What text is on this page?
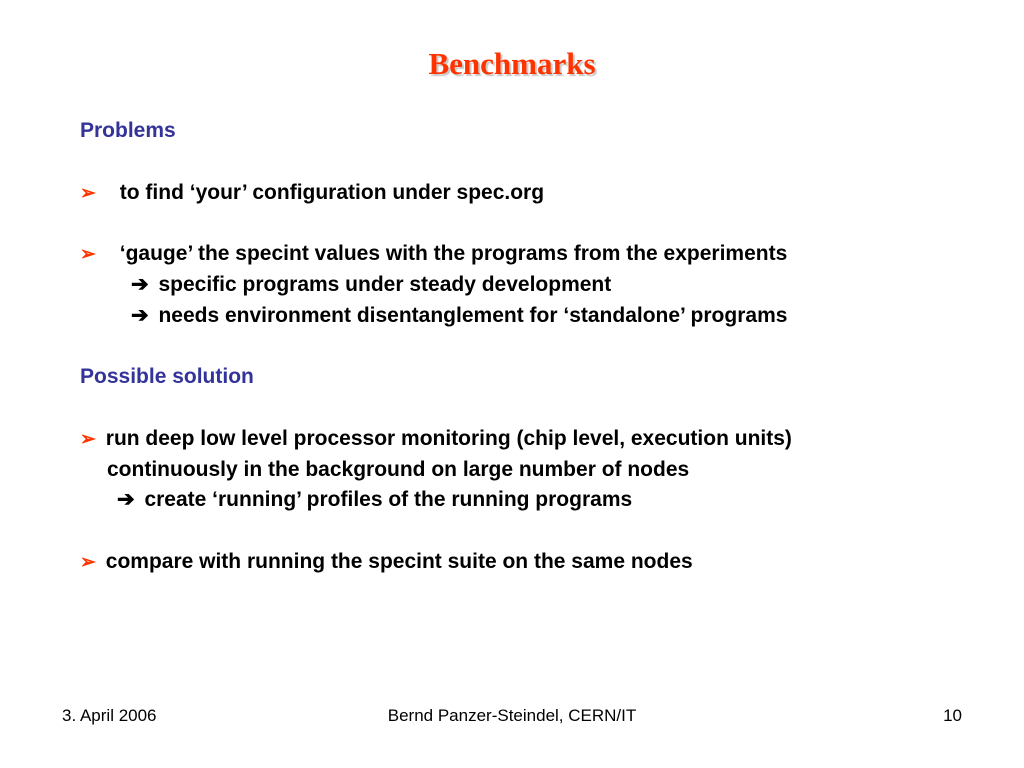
Benchmarks
Problems
➢ to find ‘your’ configuration under spec.org
➢ ‘gauge’ the specint values with the programs from the experiments
➔ specific programs under steady development
➔ needs environment disentanglement for ‘standalone’ programs
Possible solution
➢ run deep low level processor monitoring (chip level, execution units)
continuously in the background on large number of nodes
➔ create ‘running’ profiles of the running programs
➢ compare with running the specint suite on the same nodes
3. April 2006	Bernd Panzer-Steindel, CERN/IT	10
